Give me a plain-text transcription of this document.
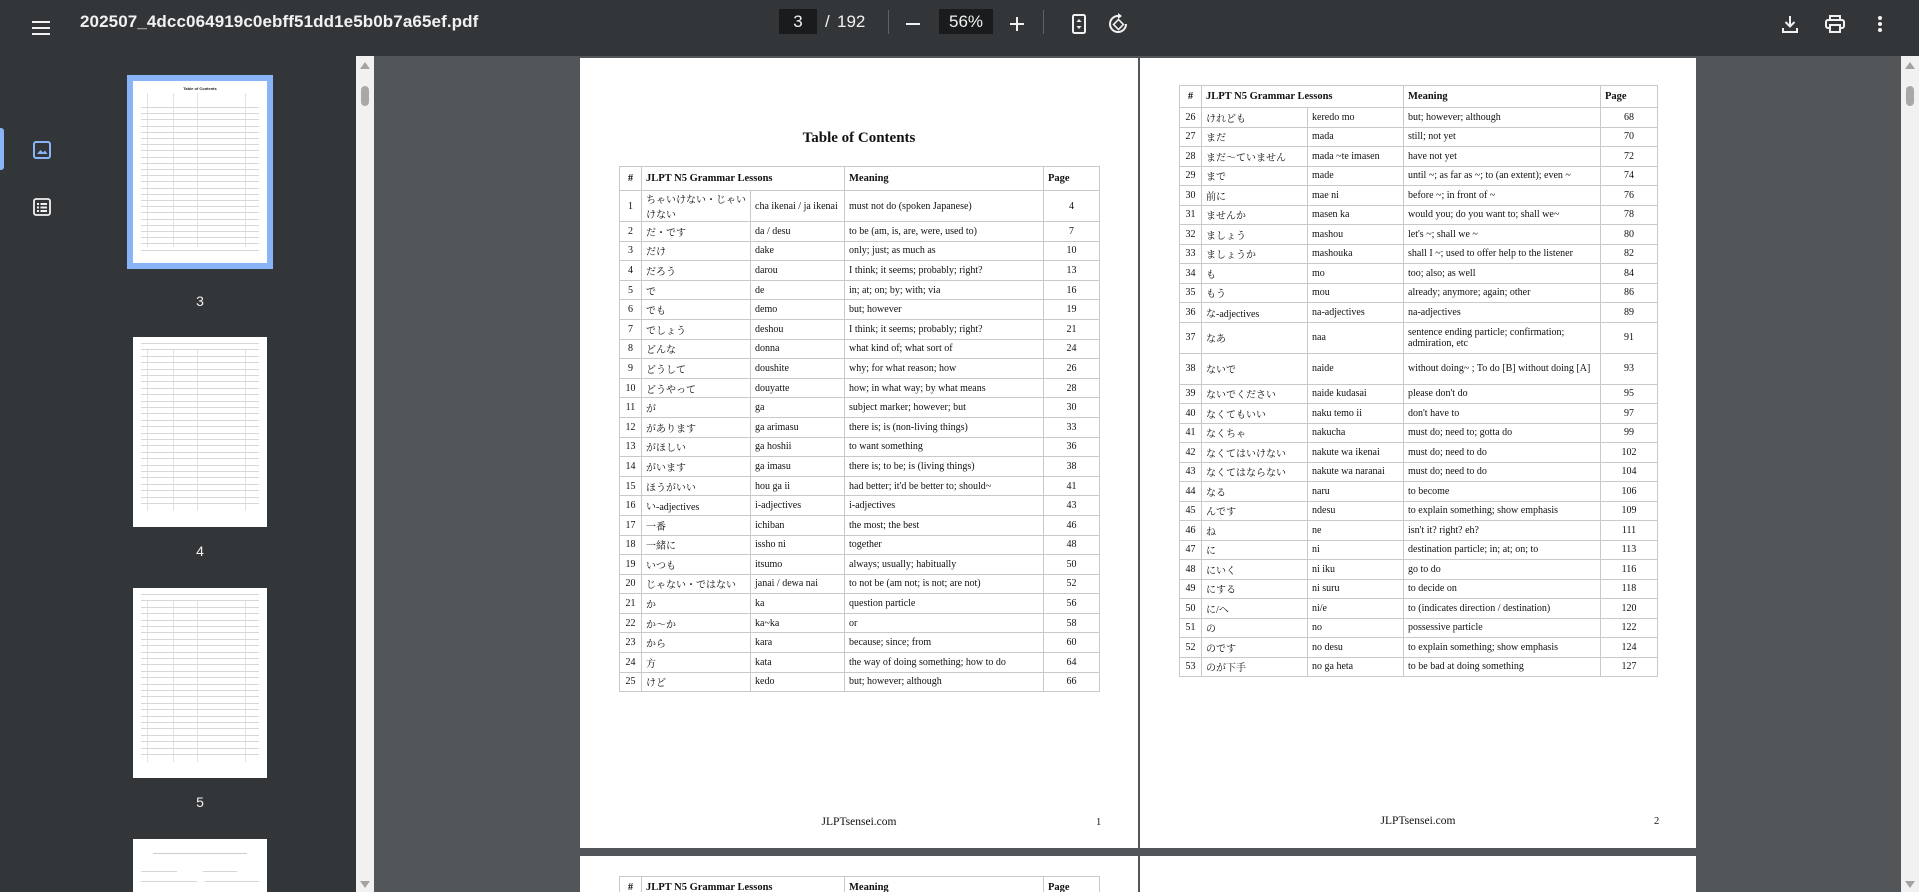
202507_4dcc064919c0ebff51dd1e5b0b7a65ef.pdf
3	/ 192	56%
Table of Contents
3
4
5
Table of Contents
#	JLPT N5 Grammar Lessons		Meaning	Page
1	ちゃいけない・じゃいけない	cha ikenai / ja ikenai	must not do (spoken Japanese)	4
2	だ・です	da / desu	to be (am, is, are, were, used to)	7
3	だけ	dake	only; just; as much as	10
4	だろう	darou	I think; it seems; probably; right?	13
5	で	de	in; at; on; by; with; via	16
6	でも	demo	but; however	19
7	でしょう	deshou	I think; it seems; probably; right?	21
8	どんな	donna	what kind of; what sort of	24
9	どうして	doushite	why; for what reason; how	26
10	どうやって	douyatte	how; in what way; by what means	28
11	が	ga	subject marker; however; but	30
12	があります	ga arimasu	there is; is (non-living things)	33
13	がほしい	ga hoshii	to want something	36
14	がいます	ga imasu	there is; to be; is (living things)	38
15	ほうがいい	hou ga ii	had better; it'd be better to; should~	41
16	い-adjectives	i-adjectives	i-adjectives	43
17	一番	ichiban	the most; the best	46
18	一緒に	issho ni	together	48
19	いつも	itsumo	always; usually; habitually	50
20	じゃない・ではない	janai / dewa nai	to not be (am not; is not; are not)	52
21	か	ka	question particle	56
22	か～か	ka~ka	or	58
23	から	kara	because; since; from	60
24	方	kata	the way of doing something; how to do	64
25	けど	kedo	but; however; although	66
JLPTsensei.com	1
#	JLPT N5 Grammar Lessons		Meaning	Page
26	けれども	keredo mo	but; however; although	68
27	まだ	mada	still; not yet	70
28	まだ～ていません	mada ~te imasen	have not yet	72
29	まで	made	until ~; as far as ~; to (an extent); even ~	74
30	前に	mae ni	before ~; in front of ~	76
31	ませんか	masen ka	would you; do you want to; shall we~	78
32	ましょう	mashou	let's ~; shall we ~	80
33	ましょうか	mashouka	shall I ~; used to offer help to the listener	82
34	も	mo	too; also; as well	84
35	もう	mou	already; anymore; again; other	86
36	な-adjectives	na-adjectives	na-adjectives	89
37	なあ	naa	sentence ending particle; confirmation; admiration, etc	91
38	ないで	naide	without doing~ ; To do [B] without doing [A]	93
39	ないでください	naide kudasai	please don't do	95
40	なくてもいい	naku temo ii	don't have to	97
41	なくちゃ	nakucha	must do; need to; gotta do	99
42	なくてはいけない	nakute wa ikenai	must do; need to do	102
43	なくてはならない	nakute wa naranai	must do; need to do	104
44	なる	naru	to become	106
45	んです	ndesu	to explain something; show emphasis	109
46	ね	ne	isn't it? right? eh?	111
47	に	ni	destination particle; in; at; on; to	113
48	にいく	ni iku	go to do	116
49	にする	ni suru	to decide on	118
50	に/へ	ni/e	to (indicates direction / destination)	120
51	の	no	possessive particle	122
52	のです	no desu	to explain something; show emphasis	124
53	のが下手	no ga heta	to be bad at doing something	127
JLPTsensei.com	2
#	JLPT N5 Grammar Lessons	Meaning	Page
